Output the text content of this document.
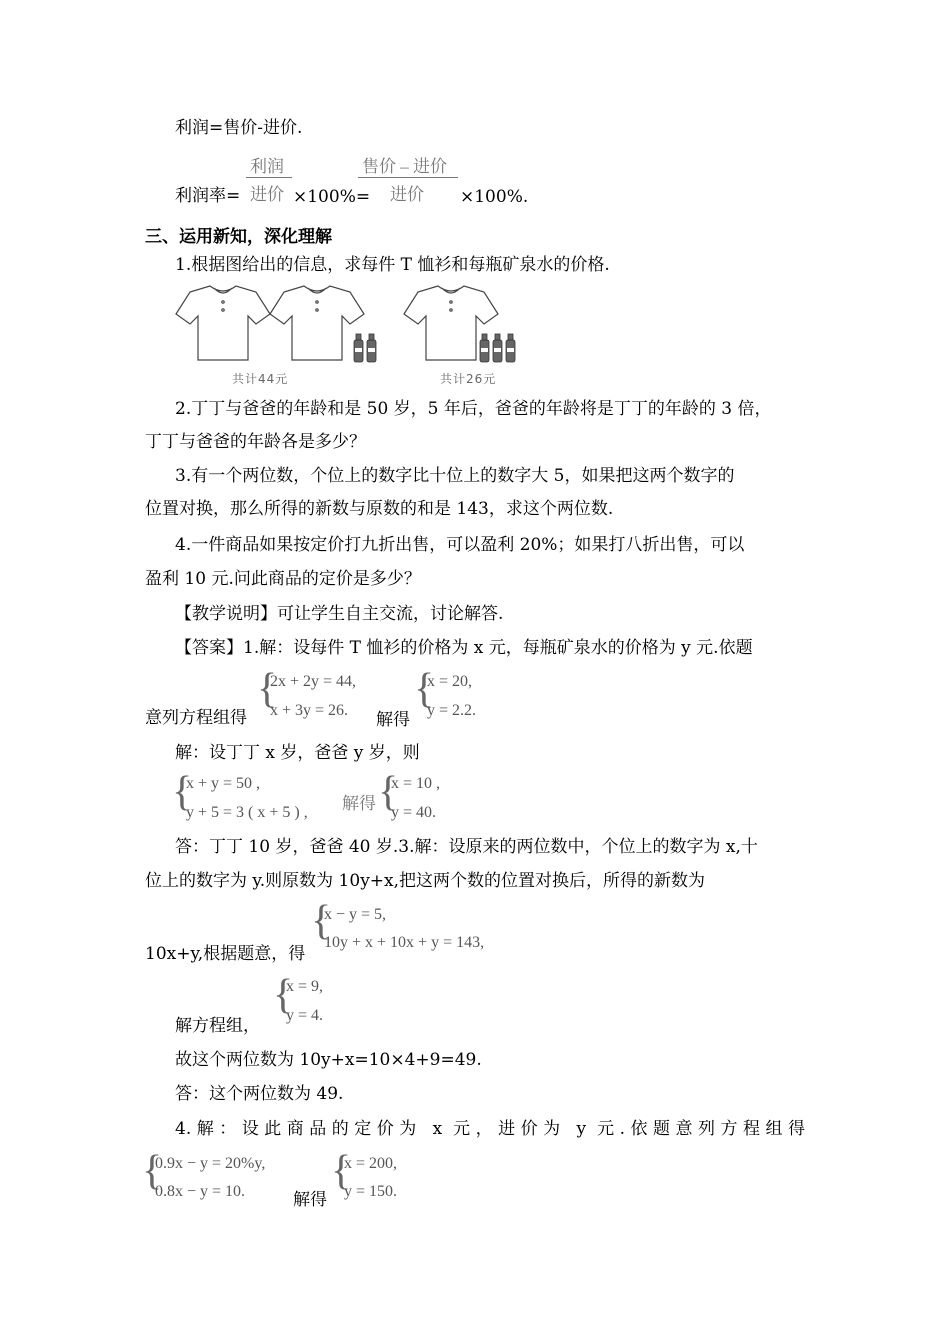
利润=售价-进价.
利润
进价
利润率=	×100%=
售价 – 进价
进价 ×100%.
三、运用新知，深化理解
1.根据图给出的信息，求每件 T 恤衫和每瓶矿泉水的价格.
共计44元	共计26元
2.丁丁与爸爸的年龄和是 50 岁，5 年后，爸爸的年龄将是丁丁的年龄的 3 倍，
丁丁与爸爸的年龄各是多少？
3.有一个两位数，个位上的数字比十位上的数字大 5，如果把这两个数字的
位置对换，那么所得的新数与原数的和是 143，求这个两位数.
4.一件商品如果按定价打九折出售，可以盈利 20%；如果打八折出售，可以
盈利 10 元.问此商品的定价是多少？
【教学说明】可让学生自主交流，讨论解答.
【答案】1.解：设每件 T 恤衫的价格为 x 元，每瓶矿泉水的价格为 y 元.依题
{
2x + 2y = 44,
x + 3y = 26.
意列方程组得	解得
{
x = 20,
y = 2.2.
解：设丁丁 x 岁，爸爸 y 岁，则
{
x + y = 50 ,
y + 5 = 3 ( x + 5 ) , 解得 {
x = 10 ,
y = 40.
答：丁丁 10 岁，爸爸 40 岁.3.解：设原来的两位数中，个位上的数字为 x,十
位上的数字为 y.则原数为 10y+x,把这两个数的位置对换后，所得的新数为
{
x − y = 5,
10y + x + 10x + y = 143,
10x+y,根据题意，得
{
x = 9,
y = 4.
解方程组，
故这个两位数为 10y+x=10×4+9=49.
答：这个两位数为 49.
4.解：设此商品的定价为 x 元，进价为 y 元.依题意列方程组得
{
0.9x − y = 20%y,
0.8x − y = 10.	解得
{
x = 200,
y = 150.
